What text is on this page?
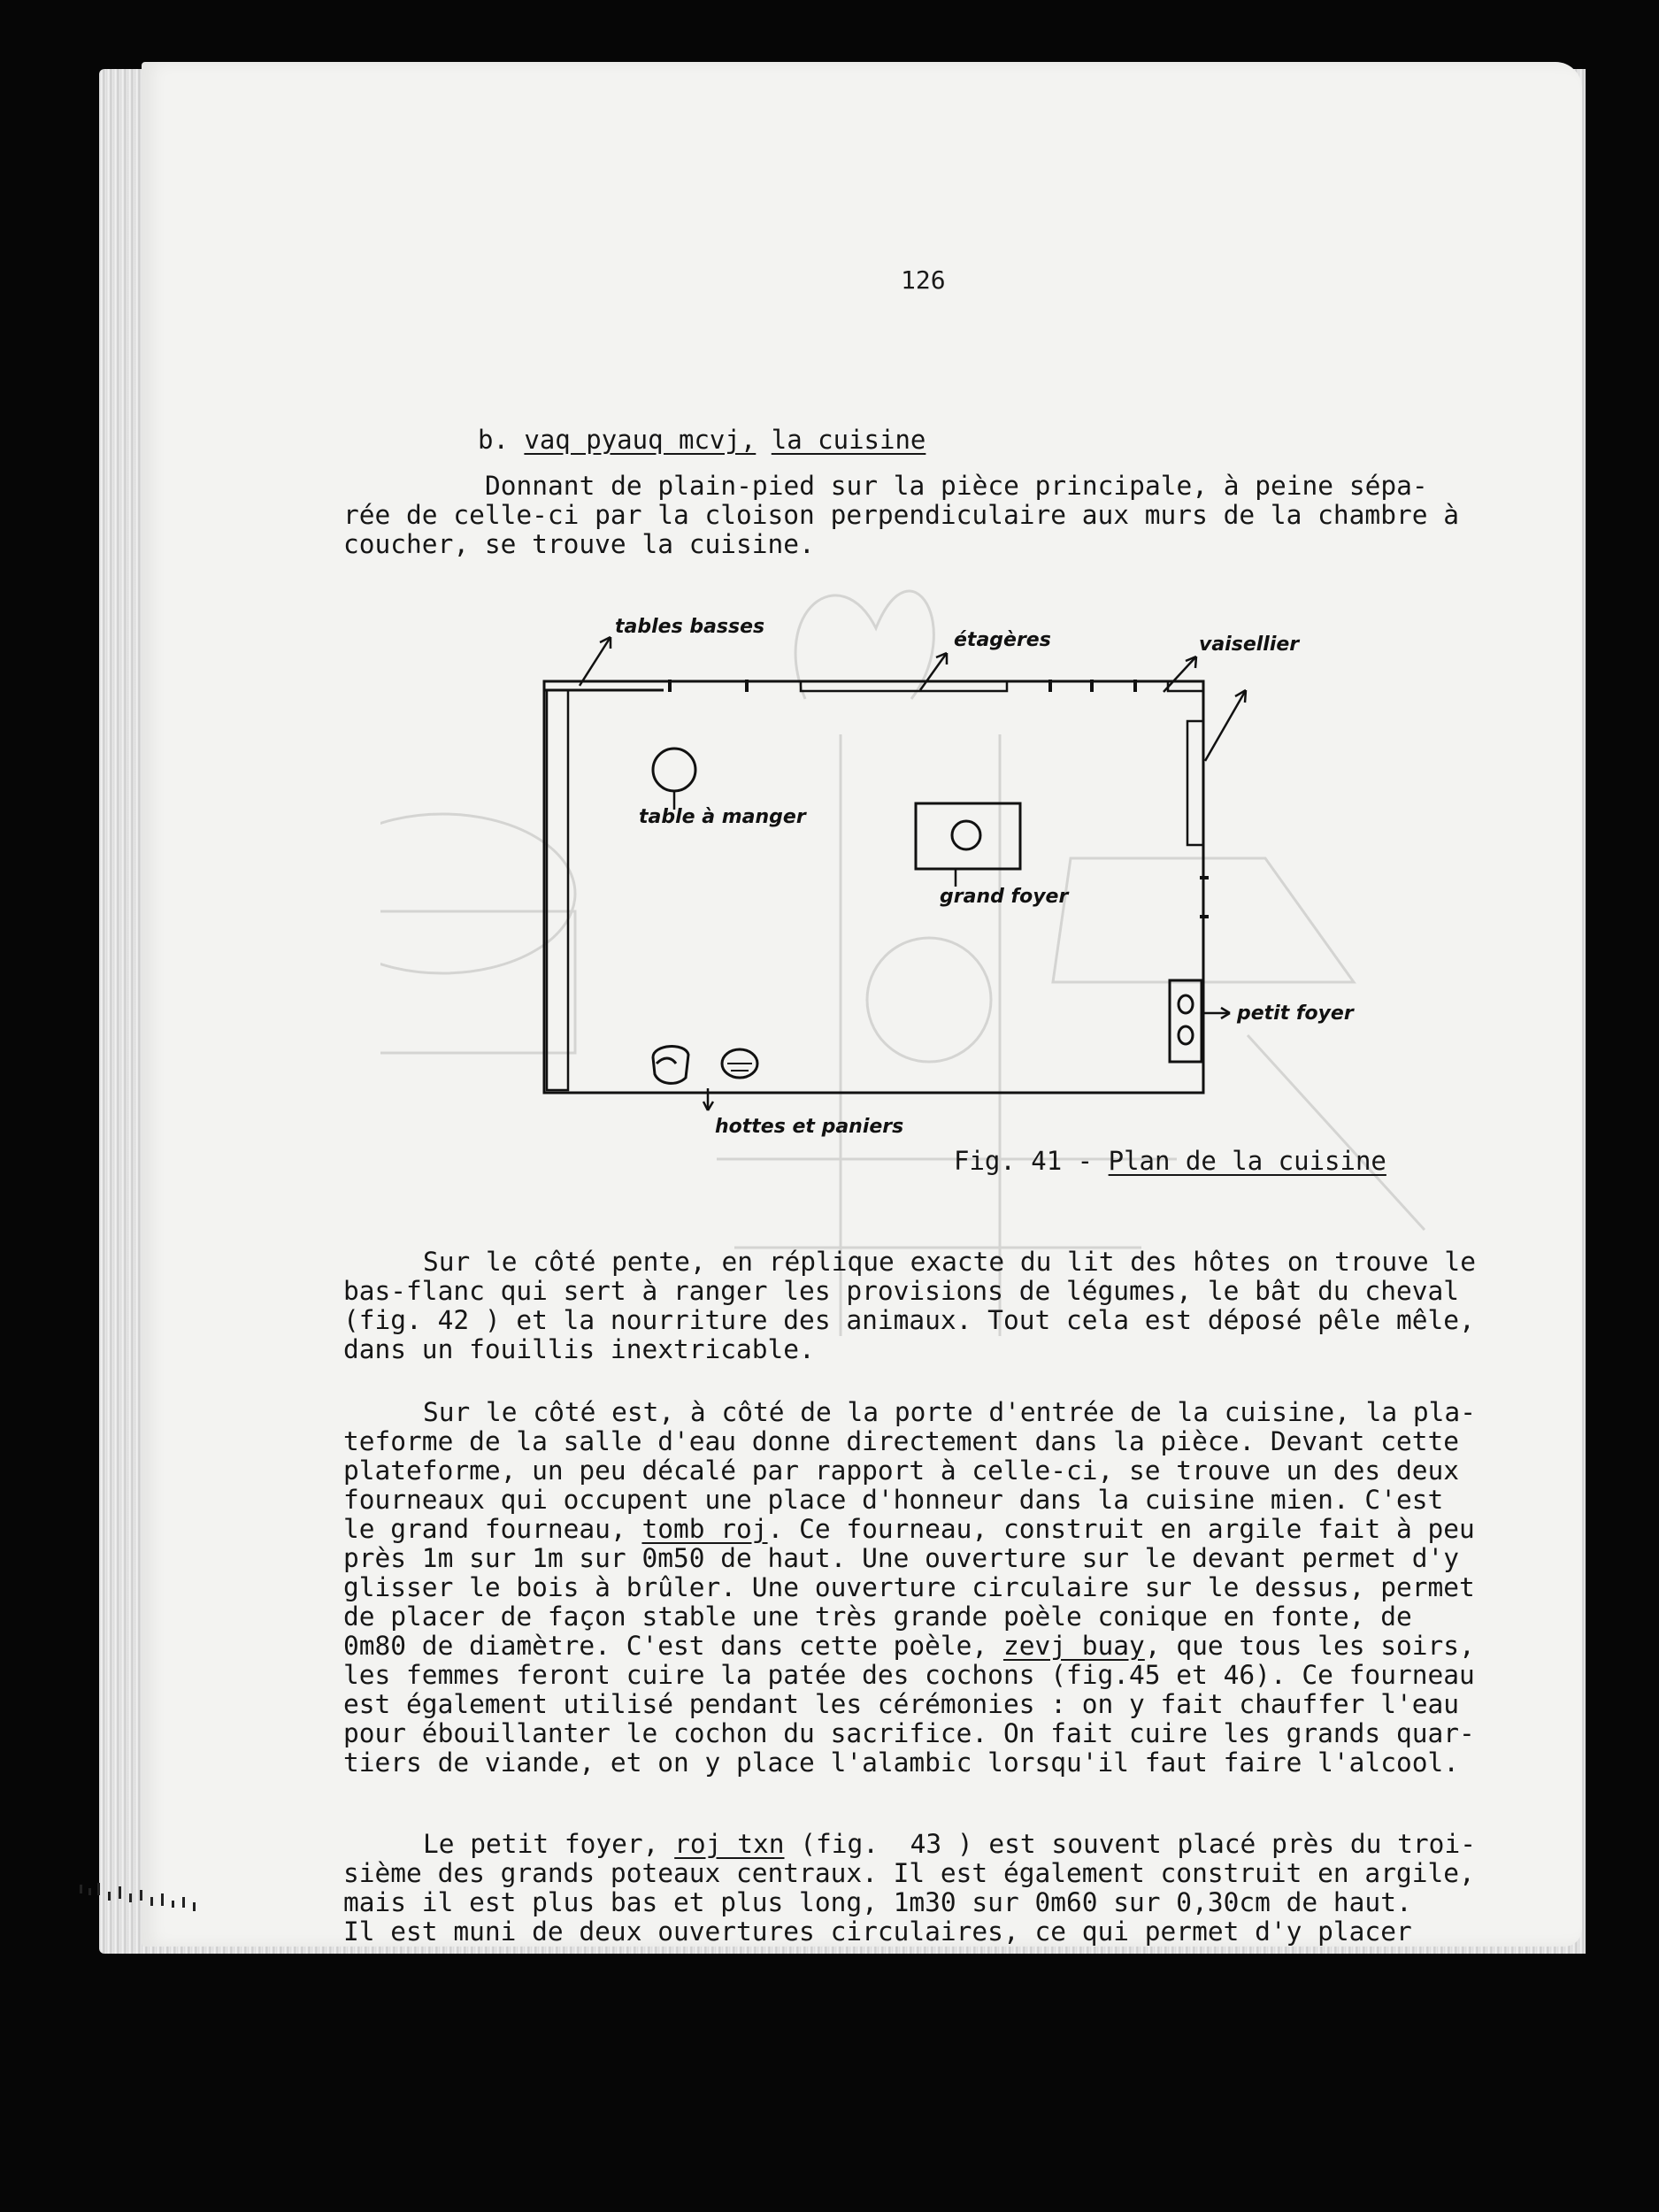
126
b. vaq pyauq mcvj, la cuisine
Donnant de plain-pied sur la pièce principale, à peine sépa-
rée de celle-ci par la cloison perpendiculaire aux murs de la chambre à
coucher, se trouve la cuisine.
tables basses
étagères	vaisellier
table à manger
grand foyer
petit foyer
hottes et paniers
Fig. 41 - Plan de la cuisine
Sur le côté pente, en réplique exacte du lit des hôtes on trouve le
bas-flanc qui sert à ranger les provisions de légumes, le bât du cheval
(fig. 42 ) et la nourriture des animaux. Tout cela est déposé pêle mêle,
dans un fouillis inextricable.
Sur le côté est, à côté de la porte d'entrée de la cuisine, la pla-
teforme de la salle d'eau donne directement dans la pièce. Devant cette
plateforme, un peu décalé par rapport à celle-ci, se trouve un des deux
fourneaux qui occupent une place d'honneur dans la cuisine mien. C'est
le grand fourneau, tomb roj. Ce fourneau, construit en argile fait à peu
près 1m sur 1m sur 0m50 de haut. Une ouverture sur le devant permet d'y
glisser le bois à brûler. Une ouverture circulaire sur le dessus, permet
de placer de façon stable une très grande poèle conique en fonte, de
0m80 de diamètre. C'est dans cette poèle, zevj buay, que tous les soirs,
les femmes feront cuire la patée des cochons (fig.45 et 46). Ce fourneau
est également utilisé pendant les cérémonies : on y fait chauffer l'eau
pour ébouillanter le cochon du sacrifice. On fait cuire les grands quar-
tiers de viande, et on y place l'alambic lorsqu'il faut faire l'alcool.
Le petit foyer, roj txn (fig.  43 ) est souvent placé près du troi-
sième des grands poteaux centraux. Il est également construit en argile,
mais il est plus bas et plus long, 1m30 sur 0m60 sur 0,30cm de haut.
Il est muni de deux ouvertures circulaires, ce qui permet d'y placer
